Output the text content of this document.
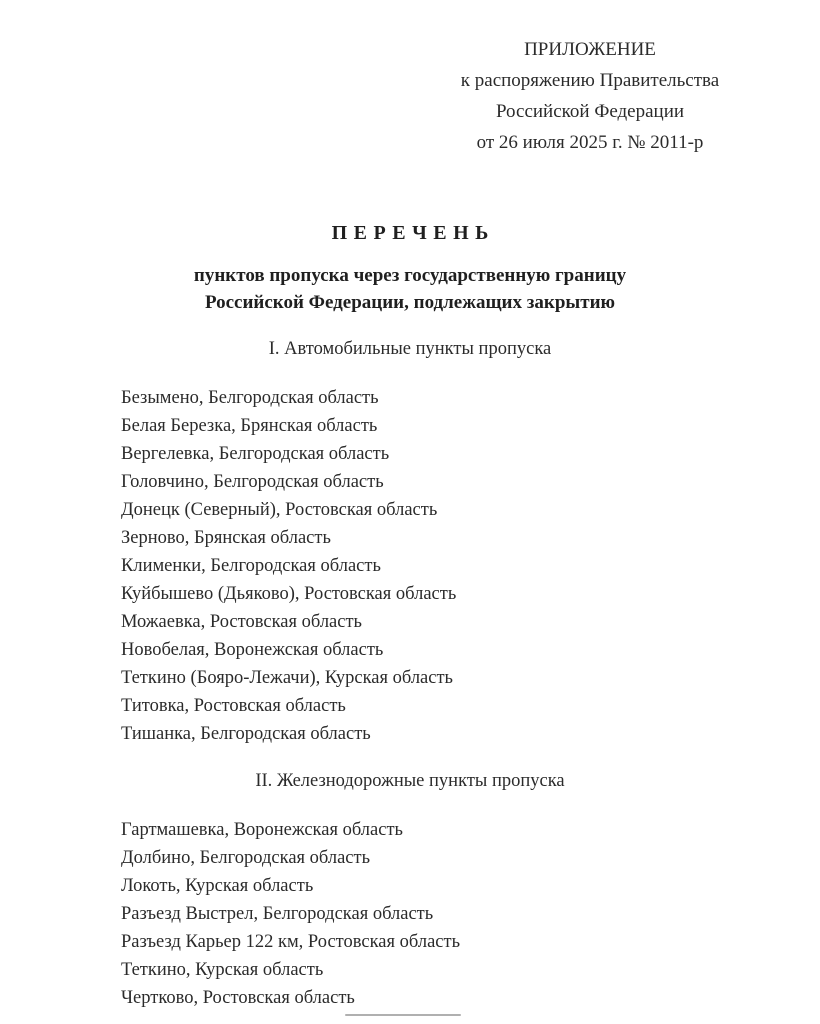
ПРИЛОЖЕНИЕ
к распоряжению Правительства
Российской Федерации
от 26 июля 2025 г. № 2011-р
ПЕРЕЧЕНЬ
пунктов пропуска через государственную границу
Российской Федерации, подлежащих закрытию
I. Автомобильные пункты пропуска
Безымено, Белгородская область
Белая Березка, Брянская область
Вергелевка, Белгородская область
Головчино, Белгородская область
Донецк (Северный), Ростовская область
Зерново, Брянская область
Клименки, Белгородская область
Куйбышево (Дьяково), Ростовская область
Можаевка, Ростовская область
Новобелая, Воронежская область
Теткино (Бояро-Лежачи), Курская область
Титовка, Ростовская область
Тишанка, Белгородская область
II. Железнодорожные пункты пропуска
Гартмашевка, Воронежская область
Долбино, Белгородская область
Локоть, Курская область
Разъезд Выстрел, Белгородская область
Разъезд Карьер 122 км, Ростовская область
Теткино, Курская область
Чертково, Ростовская область
